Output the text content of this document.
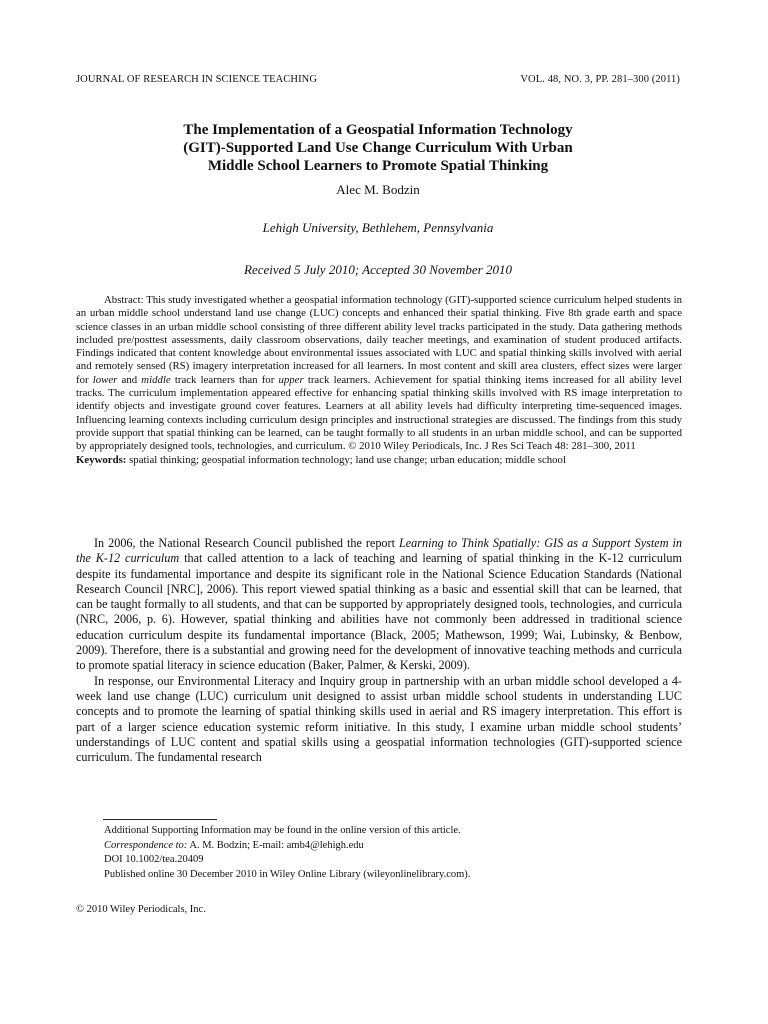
JOURNAL OF RESEARCH IN SCIENCE TEACHING	VOL. 48, NO. 3, PP. 281–300 (2011)
The Implementation of a Geospatial Information Technology
(GIT)-Supported Land Use Change Curriculum With Urban
Middle School Learners to Promote Spatial Thinking
Alec M. Bodzin
Lehigh University, Bethlehem, Pennsylvania
Received 5 July 2010; Accepted 30 November 2010

Abstract: This study investigated whether a geospatial information technology (GIT)-supported science curriculum helped students in an urban middle school understand land use change (LUC) concepts and enhanced their spatial thinking. Five 8th grade earth and space science classes in an urban middle school consisting of three different ability level tracks participated in the study. Data gathering methods included pre/posttest assessments, daily classroom observations, daily teacher meetings, and examination of student produced artifacts. Findings indicated that content knowledge about environmental issues associated with LUC and spatial thinking skills involved with aerial and remotely sensed (RS) imagery interpretation increased for all learners. In most content and skill area clusters, effect sizes were larger for lower and middle track learners than for upper track learners. Achievement for spatial thinking items increased for all ability level tracks. The curriculum implementation appeared effective for enhancing spatial thinking skills involved with RS image interpretation to identify objects and investigate ground cover features. Learners at all ability levels had difficulty interpreting time-sequenced images. Influencing learning contexts including curriculum design principles and instructional strategies are discussed. The findings from this study provide support that spatial thinking can be learned, can be taught formally to all students in an urban middle school, and can be supported by appropriately designed tools, technologies, and curriculum. © 2010 Wiley Periodicals, Inc. J Res Sci Teach 48: 281–300, 2011

Keywords: spatial thinking; geospatial information technology; land use change; urban education; middle school

In 2006, the National Research Council published the report Learning to Think Spatially: GIS as a Support System in the K-12 curriculum that called attention to a lack of teaching and learning of spatial thinking in the K-12 curriculum despite its fundamental importance and despite its significant role in the National Science Education Standards (National Research Council [NRC], 2006). This report viewed spatial thinking as a basic and essential skill that can be learned, that can be taught formally to all students, and that can be supported by appropriately designed tools, technologies, and curricula (NRC, 2006, p. 6). However, spatial thinking and abilities have not commonly been addressed in traditional science education curriculum despite its fundamental importance (Black, 2005; Mathewson, 1999; Wai, Lubinsky, & Benbow, 2009). Therefore, there is a substantial and growing need for the development of innovative teaching methods and curricula to promote spatial literacy in science education (Baker, Palmer, & Kerski, 2009).

In response, our Environmental Literacy and Inquiry group in partnership with an urban middle school developed a 4-week land use change (LUC) curriculum unit designed to assist urban middle school students in understanding LUC concepts and to promote the learning of spatial thinking skills used in aerial and RS imagery interpretation. This effort is part of a larger science education systemic reform initiative. In this study, I examine urban middle school students’ understandings of LUC content and spatial skills using a geospatial information technologies (GIT)-supported science curriculum. The fundamental research

Additional Supporting Information may be found in the online version of this article.
Correspondence to: A. M. Bodzin; E-mail: amb4@lehigh.edu
DOI 10.1002/tea.20409
Published online 30 December 2010 in Wiley Online Library (wileyonlinelibrary.com).
© 2010 Wiley Periodicals, Inc.
